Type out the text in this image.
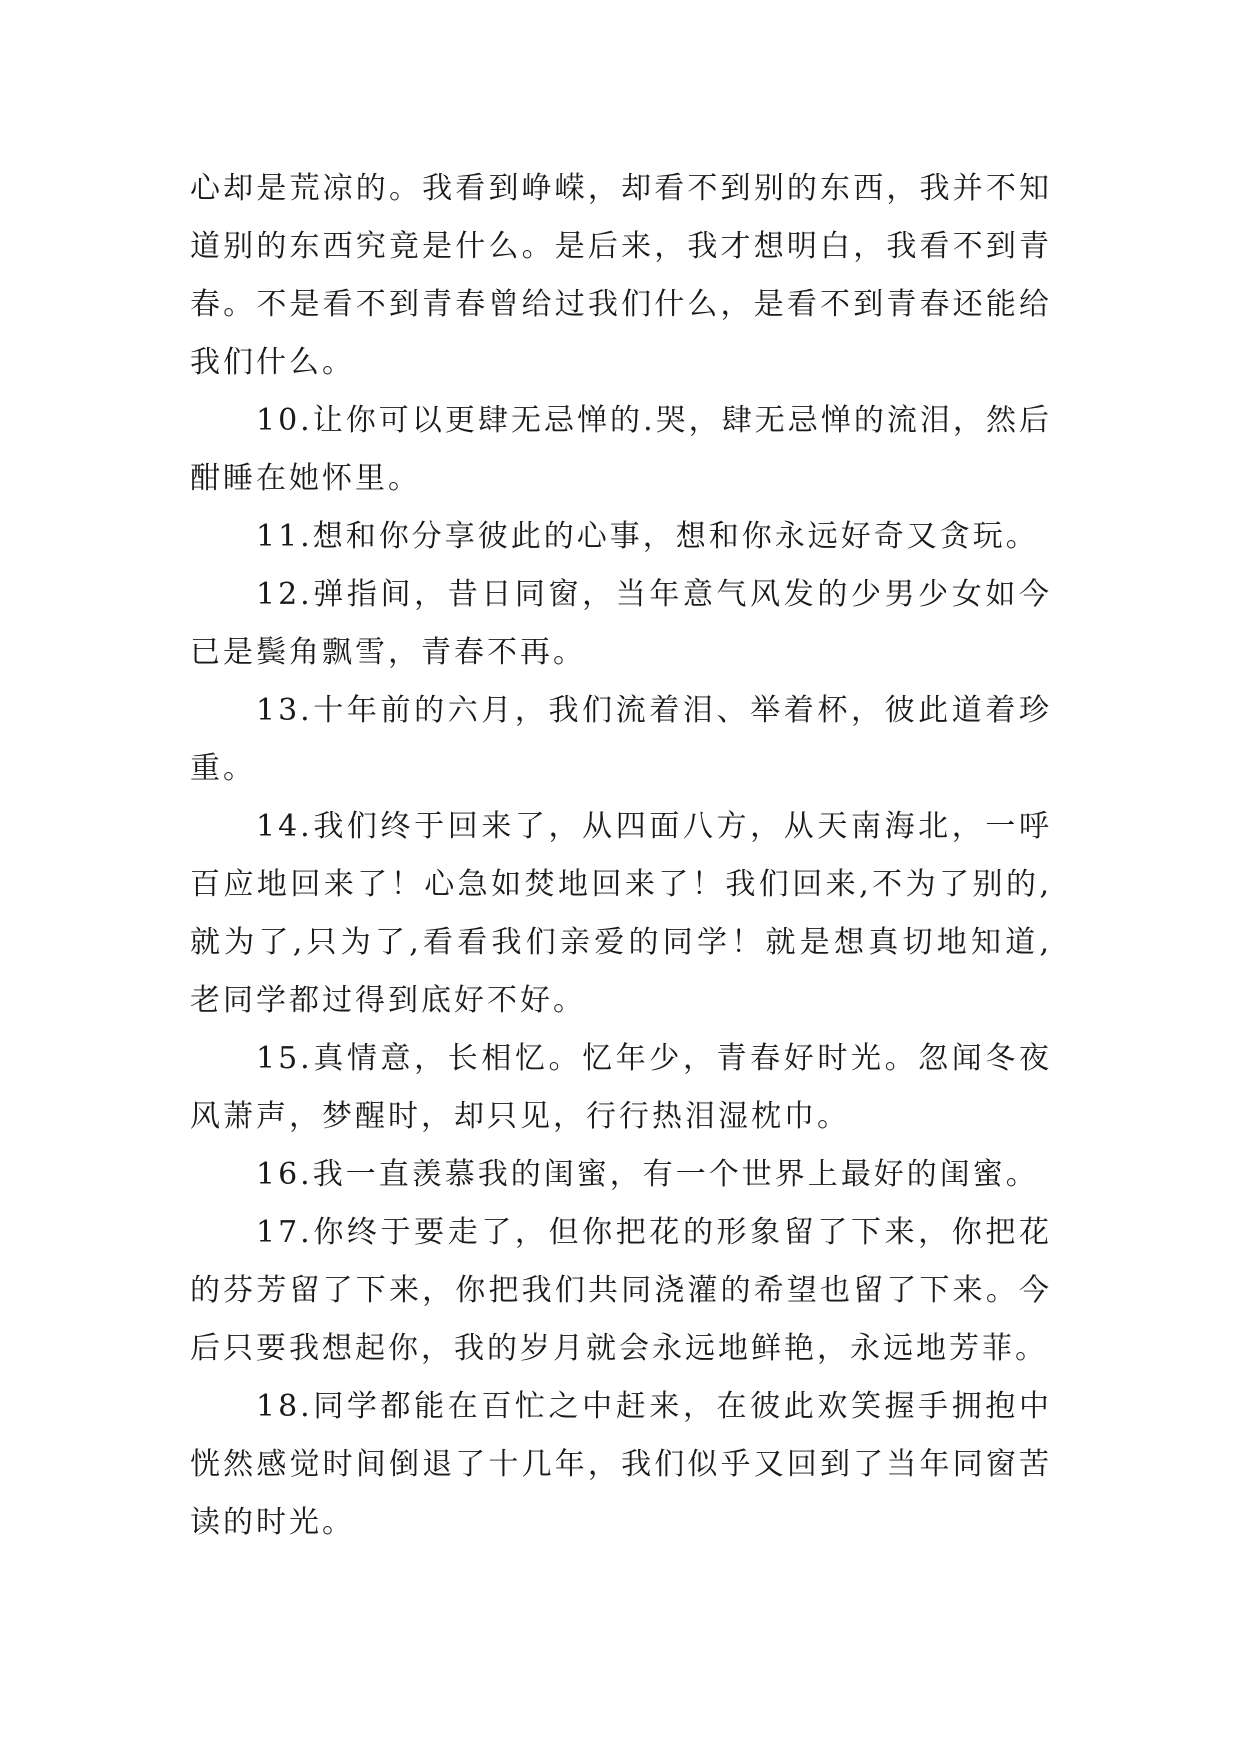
心却是荒凉的。我看到峥嵘，却看不到别的东西，我并不知道别的东西究竟是什么。是后来，我才想明白，我看不到青春。不是看不到青春曾给过我们什么，是看不到青春还能给我们什么。

10.让你可以更肆无忌惮的.哭，肆无忌惮的流泪，然后酣睡在她怀里。

11.想和你分享彼此的心事，想和你永远好奇又贪玩。

12.弹指间，昔日同窗，当年意气风发的少男少女如今已是鬓角飘雪，青春不再。

13.十年前的六月，我们流着泪、举着杯，彼此道着珍重。

14.我们终于回来了，从四面八方，从天南海北，一呼百应地回来了！心急如焚地回来了！我们回来,不为了别的,就为了,只为了,看看我们亲爱的同学！就是想真切地知道,老同学都过得到底好不好。

15.真情意，长相忆。忆年少，青春好时光。忽闻冬夜风萧声，梦醒时，却只见，行行热泪湿枕巾。

16.我一直羡慕我的闺蜜，有一个世界上最好的闺蜜。

17.你终于要走了，但你把花的形象留了下来，你把花的芬芳留了下来，你把我们共同浇灌的希望也留了下来。今后只要我想起你，我的岁月就会永远地鲜艳，永远地芳菲。

18.同学都能在百忙之中赶来，在彼此欢笑握手拥抱中恍然感觉时间倒退了十几年，我们似乎又回到了当年同窗苦读的时光。
